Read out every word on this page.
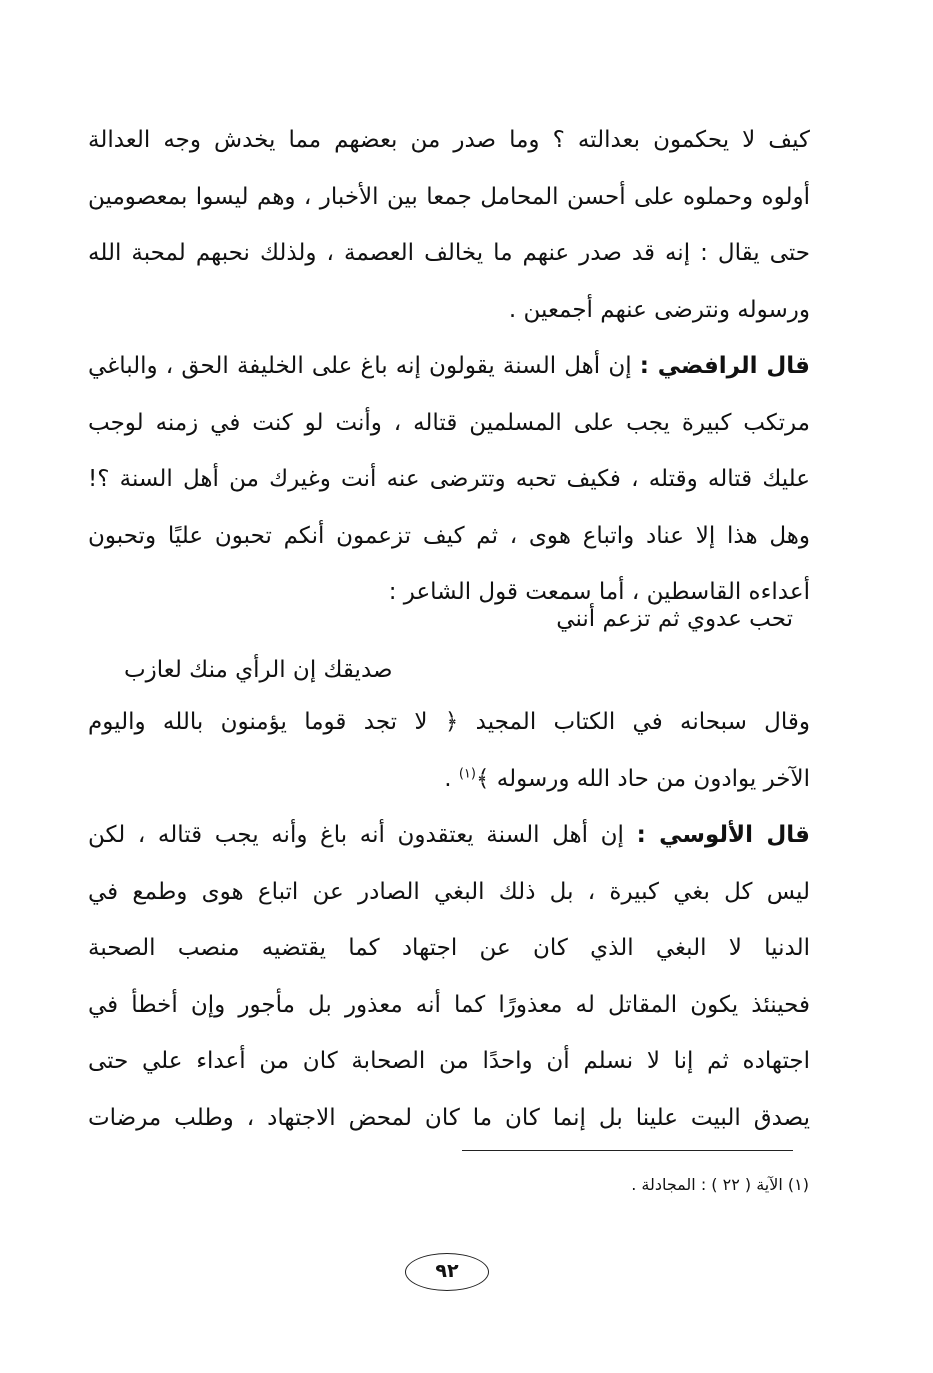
كيف لا يحكمون بعدالته ؟ وما صدر من بعضهم مما يخدش وجه العدالة
أولوه وحملوه على أحسن المحامل جمعا بين الأخبار ، وهم ليسوا بمعصومين
حتى يقال : إنه قد صدر عنهم ما يخالف العصمة ، ولذلك نحبهم لمحبة الله
ورسوله ونترضى عنهم أجمعين .
قال الرافضي : إن أهل السنة يقولون إنه باغ على الخليفة الحق ، والباغي
مرتكب كبيرة يجب على المسلمين قتاله ، وأنت لو كنت في زمنه لوجب
عليك قتاله وقتله ، فكيف تحبه وتترضى عنه أنت وغيرك من أهل السنة ؟!
وهل هذا إلا عناد واتباع هوى ، ثم كيف تزعمون أنكم تحبون عليًا وتحبون
أعداءه القاسطين ، أما سمعت قول الشاعر :
تحب عدوي ثم تزعم أنني
صديقك إن الرأي منك لعازب
وقال سبحانه في الكتاب المجيد ﴿ لا تجد قوما يؤمنون بالله واليوم
الآخر يوادون من حاد الله ورسوله ﴾$^{(١)}$ .
قال الألوسي : إن أهل السنة يعتقدون أنه باغ وأنه يجب قتاله ، لكن
ليس كل بغي كبيرة ، بل ذلك البغي الصادر عن اتباع هوى وطمع في
الدنيا لا البغي الذي كان عن اجتهاد كما يقتضيه منصب الصحبة
فحينئذ يكون المقاتل له معذورًا كما أنه معذور بل مأجور وإن أخطأ في
اجتهاده ثم إنا لا نسلم أن واحدًا من الصحابة كان من أعداء علي حتى
يصدق البيت علينا بل إنما كان ما كان لمحض الاجتهاد ، وطلب مرضات
(١) الآية ( ٢٢ ) : المجادلة .
٩٢
